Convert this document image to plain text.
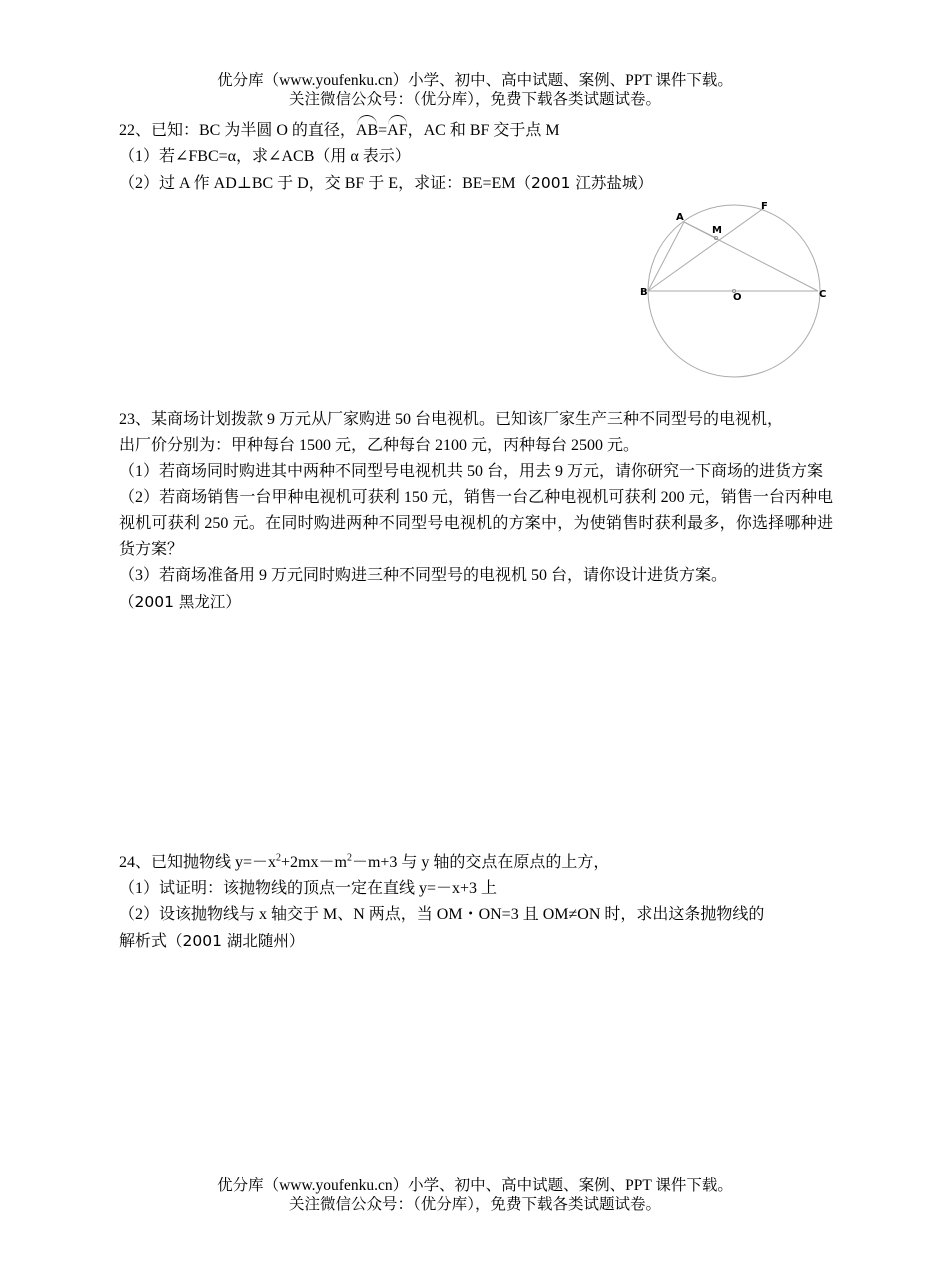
优分库（www.youfenku.cn）小学、初中、高中试题、案例、PPT 课件下载。
关注微信公众号：（优分库），免费下载各类试题试卷。

22、已知：BC 为半圆 O 的直径，AB=AF，AC 和 BF 交于点 M

（1）若∠FBC=α，求∠ACB（用 α 表示）

（2）过 A 作 AD⊥BC 于 D，交 BF 于 E，求证：BE=EM（2001 江苏盐城）

A
F
M
B	O	C

23、某商场计划拨款 9 万元从厂家购进 50 台电视机。已知该厂家生产三种不同型号的电视机，

出厂价分别为：甲种每台 1500 元，乙种每台 2100 元，丙种每台 2500 元。

（1）若商场同时购进其中两种不同型号电视机共 50 台，用去 9 万元，请你研究一下商场的进货方案

（2）若商场销售一台甲种电视机可获利 150 元，销售一台乙种电视机可获利 200 元，销售一台丙种电视机可获利 250 元。在同时购进两种不同型号电视机的方案中，为使销售时获利最多，你选择哪种进货方案？

（3）若商场准备用 9 万元同时购进三种不同型号的电视机 50 台，请你设计进货方案。

（2001 黑龙江）

24、已知抛物线 $y=-x^2+2mx-m^2-m+3$ 与 y 轴的交点在原点的上方，

（1）试证明：该抛物线的顶点一定在直线 y=－x+3 上

（2）设该抛物线与 x 轴交于 M、N 两点，当 OM・ON=3 且 OM≠ON 时，求出这条抛物线的

解析式（2001 湖北随州）

优分库（www.youfenku.cn）小学、初中、高中试题、案例、PPT 课件下载。
关注微信公众号：（优分库），免费下载各类试题试卷。
